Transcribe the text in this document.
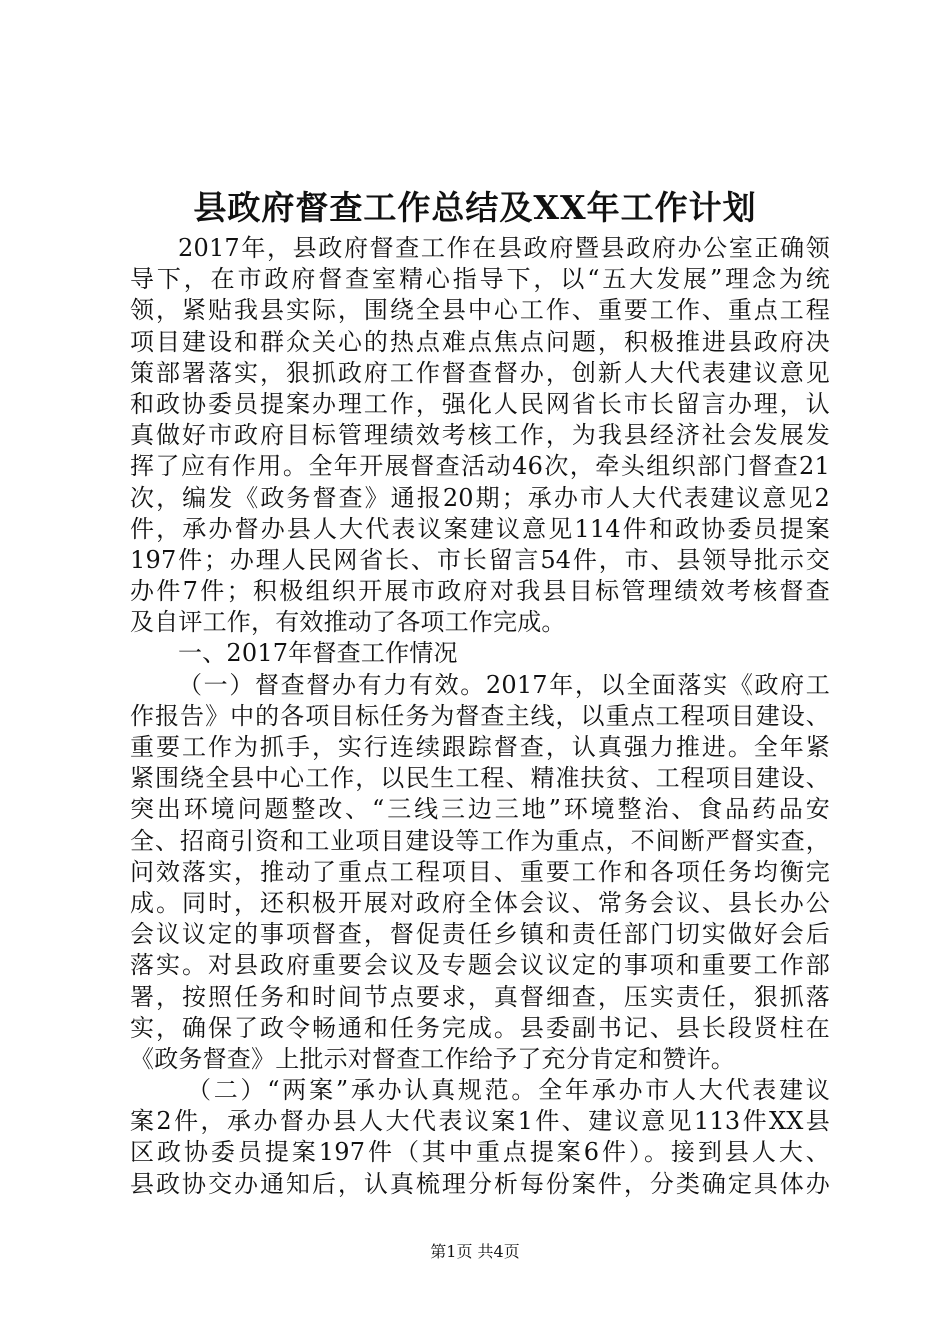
县政府督查工作总结及XX年工作计划
2017年，县政府督查工作在县政府暨县政府办公室正确领
导下，在市政府督查室精心指导下，以“五大发展”理念为统
领，紧贴我县实际，围绕全县中心工作、重要工作、重点工程
项目建设和群众关心的热点难点焦点问题，积极推进县政府决
策部署落实，狠抓政府工作督查督办，创新人大代表建议意见
和政协委员提案办理工作，强化人民网省长市长留言办理，认
真做好市政府目标管理绩效考核工作，为我县经济社会发展发
挥了应有作用。全年开展督查活动46次，牵头组织部门督查21
次，编发《政务督查》通报20期；承办市人大代表建议意见2
件，承办督办县人大代表议案建议意见114件和政协委员提案
197件；办理人民网省长、市长留言54件，市、县领导批示交
办件7件；积极组织开展市政府对我县目标管理绩效考核督查
及自评工作，有效推动了各项工作完成。
一、2017年督查工作情况
（一）督查督办有力有效。2017年，以全面落实《政府工
作报告》中的各项目标任务为督查主线，以重点工程项目建设、
重要工作为抓手，实行连续跟踪督查，认真强力推进。全年紧
紧围绕全县中心工作，以民生工程、精准扶贫、工程项目建设、
突出环境问题整改、“三线三边三地”环境整治、食品药品安
全、招商引资和工业项目建设等工作为重点，不间断严督实查，
问效落实，推动了重点工程项目、重要工作和各项任务均衡完
成。同时，还积极开展对政府全体会议、常务会议、县长办公
会议议定的事项督查，督促责任乡镇和责任部门切实做好会后
落实。对县政府重要会议及专题会议议定的事项和重要工作部
署，按照任务和时间节点要求，真督细查，压实责任，狠抓落
实，确保了政令畅通和任务完成。县委副书记、县长段贤柱在
《政务督查》上批示对督查工作给予了充分肯定和赞许。
（二）“两案”承办认真规范。全年承办市人大代表建议
案2件，承办督办县人大代表议案1件、建议意见113件XX县
区政协委员提案197件（其中重点提案6件）。接到县人大、
县政协交办通知后，认真梳理分析每份案件，分类确定具体办
第1页 共4页
